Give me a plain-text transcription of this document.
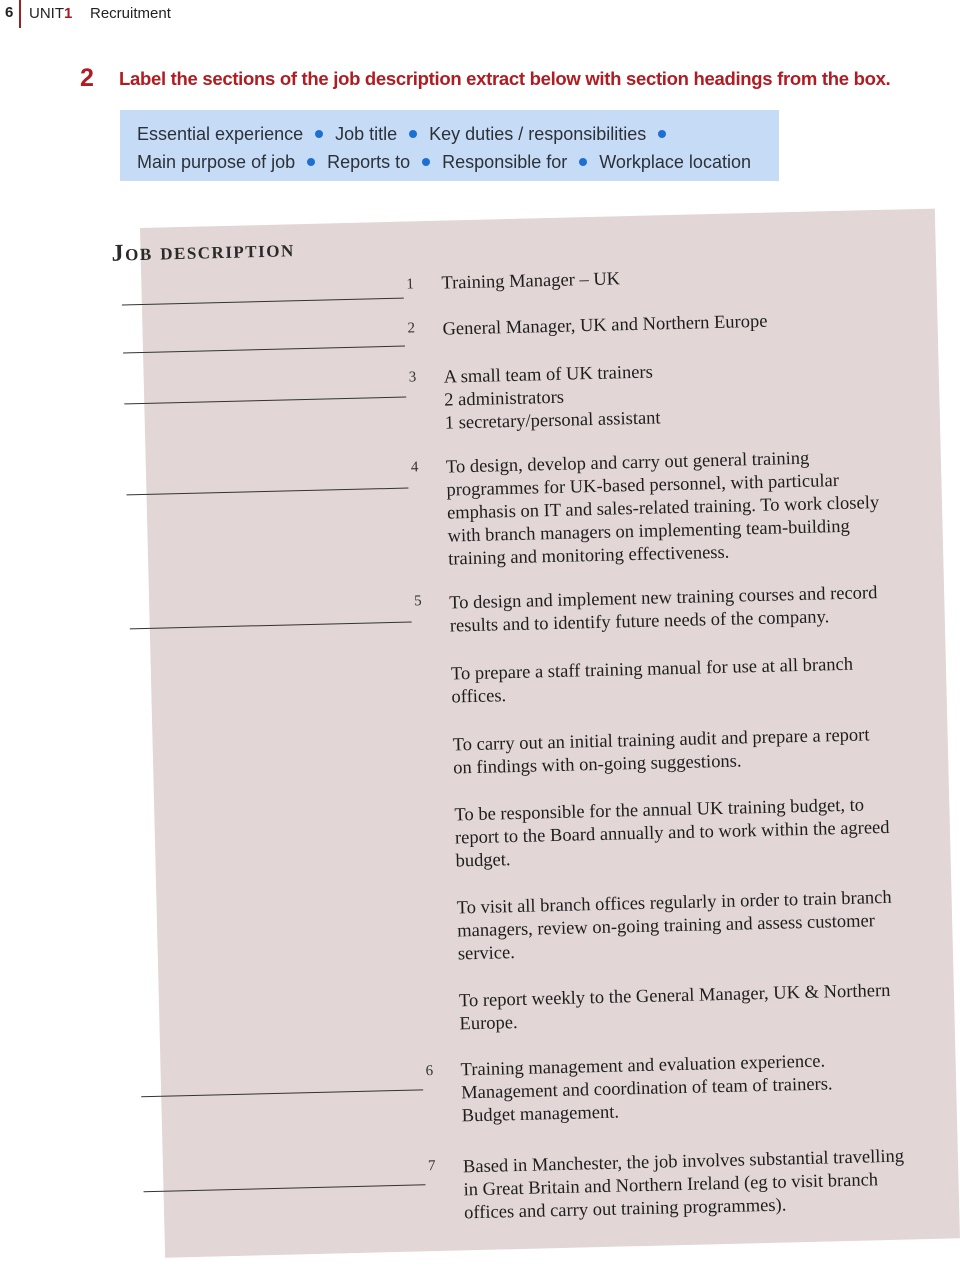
6 UNIT1 Recruitment
2 Label the sections of the job description extract below with section headings from the box.
Essential experience Job title Key duties / responsibilities
Main purpose of job Reports to Responsible for Workplace location
Job description
1 Training Manager – UK

2 General Manager, UK and Northern Europe

3 A small team of UK trainers

2 administrators

1 secretary/personal assistant

4 To design, develop and carry out general training

programmes for UK-based personnel, with particular

emphasis on IT and sales-related training. To work closely

with branch managers on implementing team-building

training and monitoring effectiveness.

5 To design and implement new training courses and record

results and to identify future needs of the company.

To prepare a staff training manual for use at all branch

offices.

To carry out an initial training audit and prepare a report

on findings with on-going suggestions.

To be responsible for the annual UK training budget, to

report to the Board annually and to work within the agreed

budget.

To visit all branch offices regularly in order to train branch

managers, review on-going training and assess customer

service.

To report weekly to the General Manager, UK & Northern

Europe.

6 Training management and evaluation experience.

Management and coordination of team of trainers.

Budget management.

7 Based in Manchester, the job involves substantial travelling

in Great Britain and Northern Ireland (eg to visit branch

offices and carry out training programmes).
